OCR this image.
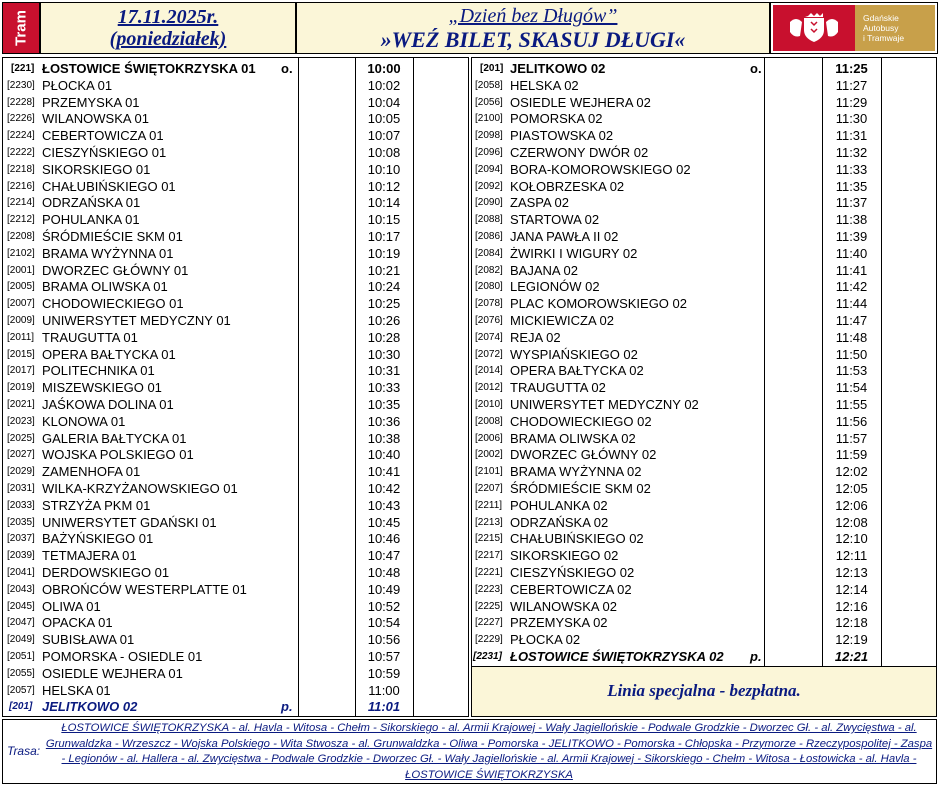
Tram	17.11.2025r.
(poniedziałek)
„Dzień bez Długów”
»WEŹ BILET, SKASUJ DŁUGI«
Gdańskie
Autobusy
i Tramwaje
[221] ŁOSTOWICE ŚWIĘTOKRZYSKA 01 o.	10:00
[2230] PŁOCKA 01	10:02
[2228] PRZEMYSKA 01	10:04
[2226] WILANOWSKA 01	10:05
[2224] CEBERTOWICZA 01	10:07
[2222] CIESZYŃSKIEGO 01	10:08
[2218] SIKORSKIEGO 01	10:10
[2216] CHAŁUBIŃSKIEGO 01	10:12
[2214] ODRZAŃSKA 01	10:14
[2212] POHULANKA 01	10:15
[2208] ŚRÓDMIEŚCIE SKM 01	10:17
[2102] BRAMA WYŻYNNA 01	10:19
[2001] DWORZEC GŁÓWNY 01	10:21
[2005] BRAMA OLIWSKA 01	10:24
[2007] CHODOWIECKIEGO 01	10:25
[2009] UNIWERSYTET MEDYCZNY 01	10:26
[2011] TRAUGUTTA 01	10:28
[2015] OPERA BAŁTYCKA 01	10:30
[2017] POLITECHNIKA 01	10:31
[2019] MISZEWSKIEGO 01	10:33
[2021] JAŚKOWA DOLINA 01	10:35
[2023] KLONOWA 01	10:36
[2025] GALERIA BAŁTYCKA 01	10:38
[2027] WOJSKA POLSKIEGO 01	10:40
[2029] ZAMENHOFA 01	10:41
[2031] WILKA-KRZYŻANOWSKIEGO 01	10:42
[2033] STRZYŻA PKM 01	10:43
[2035] UNIWERSYTET GDAŃSKI 01	10:45
[2037] BAŻYŃSKIEGO 01	10:46
[2039] TETMAJERA 01	10:47
[2041] DERDOWSKIEGO 01	10:48
[2043] OBROŃCÓW WESTERPLATTE 01	10:49
[2045] OLIWA 01	10:52
[2047] OPACKA 01	10:54
[2049] SUBISŁAWA 01	10:56
[2051] POMORSKA - OSIEDLE 01	10:57
[2055] OSIEDLE WEJHERA 01	10:59
[2057] HELSKA 01	11:00
[201] JELITKOWO 02	p.	11:01
[201] JELITKOWO 02	o.	11:25
[2058] HELSKA 02	11:27
[2056] OSIEDLE WEJHERA 02	11:29
[2100] POMORSKA 02	11:30
[2098] PIASTOWSKA 02	11:31
[2096] CZERWONY DWÓR 02	11:32
[2094] BORA-KOMOROWSKIEGO 02	11:33
[2092] KOŁOBRZESKA 02	11:35
[2090] ZASPA 02	11:37
[2088] STARTOWA 02	11:38
[2086] JANA PAWŁA II 02	11:39
[2084] ŻWIRKI I WIGURY 02	11:40
[2082] BAJANA 02	11:41
[2080] LEGIONÓW 02	11:42
[2078] PLAC KOMOROWSKIEGO 02	11:44
[2076] MICKIEWICZA 02	11:47
[2074] REJA 02	11:48
[2072] WYSPIAŃSKIEGO 02	11:50
[2014] OPERA BAŁTYCKA 02	11:53
[2012] TRAUGUTTA 02	11:54
[2010] UNIWERSYTET MEDYCZNY 02	11:55
[2008] CHODOWIECKIEGO 02	11:56
[2006] BRAMA OLIWSKA 02	11:57
[2002] DWORZEC GŁÓWNY 02	11:59
[2101] BRAMA WYŻYNNA 02	12:02
[2207] ŚRÓDMIEŚCIE SKM 02	12:05
[2211] POHULANKA 02	12:06
[2213] ODRZAŃSKA 02	12:08
[2215] CHAŁUBIŃSKIEGO 02	12:10
[2217] SIKORSKIEGO 02	12:11
[2221] CIESZYŃSKIEGO 02	12:13
[2223] CEBERTOWICZA 02	12:14
[2225] WILANOWSKA 02	12:16
[2227] PRZEMYSKA 02	12:18
[2229] PŁOCKA 02	12:19
[2231] ŁOSTOWICE ŚWIĘTOKRZYSKA 02 p.	12:21
Linia specjalna - bezpłatna.
Trasa:
ŁOSTOWICE ŚWIĘTOKRZYSKA - al. Havla - Witosa - Chełm - Sikorskiego - al. Armii Krajowej - Wały Jagiellońskie - Podwale Grodzkie - Dworzec Gł. - al. Zwycięstwa - al. Grunwaldzka - Wrzeszcz - Wojska Polskiego - Wita Stwosza - al. Grunwaldzka - Oliwa - Pomorska - JELITKOWO - Pomorska - Chłopska - Przymorze - Rzeczypospolitej - Zaspa - Legionów - al. Hallera - al. Zwycięstwa - Podwale Grodzkie - Dworzec Gł. - Wały Jagiellońskie - al. Armii Krajowej - Sikorskiego - Chełm - Witosa - Łostowicka - al. Havla - ŁOSTOWICE ŚWIĘTOKRZYSKA
